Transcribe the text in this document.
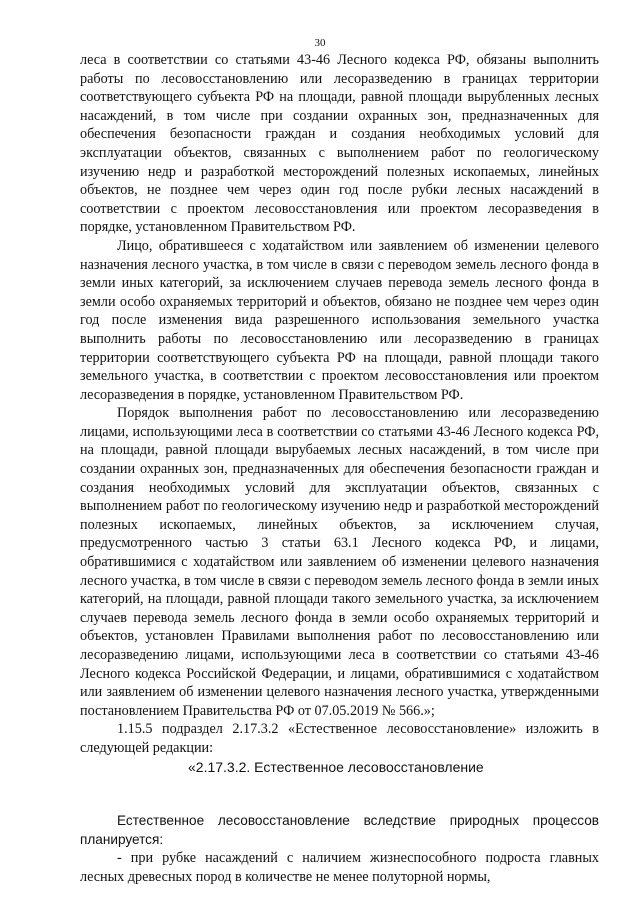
30

леса в соответствии со статьями 43-46 Лесного кодекса РФ, обязаны выполнить работы по лесовосстановлению или лесоразведению в границах территории соответствующего субъекта РФ на площади, равной площади вырубленных лесных насаждений, в том числе при создании охранных зон, предназначенных для обеспечения безопасности граждан и создания необходимых условий для эксплуатации объектов, связанных с выполнением работ по геологическому изучению недр и разработкой месторождений полезных ископаемых, линейных объектов, не позднее чем через один год после рубки лесных насаждений в соответствии с проектом лесовосстановления или проектом лесоразведения в порядке, установленном Правительством РФ.

Лицо, обратившееся с ходатайством или заявлением об изменении целевого назначения лесного участка, в том числе в связи с переводом земель лесного фонда в земли иных категорий, за исключением случаев перевода земель лесного фонда в земли особо охраняемых территорий и объектов, обязано не позднее чем через один год после изменения вида разрешенного использования земельного участка выполнить работы по лесовосстановлению или лесоразведению в границах территории соответствующего субъекта РФ на площади, равной площади такого земельного участка, в соответствии с проектом лесовосстановления или проектом лесоразведения в порядке, установленном Правительством РФ.

Порядок выполнения работ по лесовосстановлению или лесоразведению лицами, использующими леса в соответствии со статьями 43-46 Лесного кодекса РФ, на площади, равной площади вырубаемых лесных насаждений, в том числе при создании охранных зон, предназначенных для обеспечения безопасности граждан и создания необходимых условий для эксплуатации объектов, связанных с выполнением работ по геологическому изучению недр и разработкой месторождений полезных ископаемых, линейных объектов, за исключением случая, предусмотренного частью 3 статьи 63.1 Лесного кодекса РФ, и лицами, обратившимися с ходатайством или заявлением об изменении целевого назначения лесного участка, в том числе в связи с переводом земель лесного фонда в земли иных категорий, на площади, равной площади такого земельного участка, за исключением случаев перевода земель лесного фонда в земли особо охраняемых территорий и объектов, установлен Правилами выполнения работ по лесовосстановлению или лесоразведению лицами, использующими леса в соответствии со статьями 43-46 Лесного кодекса Российской Федерации, и лицами, обратившимися с ходатайством или заявлением об изменении целевого назначения лесного участка, утвержденными постановлением Правительства РФ от 07.05.2019 № 566.»;

1.15.5 подраздел 2.17.3.2 «Естественное лесовосстановление» изложить в следующей редакции:

«2.17.3.2. Естественное лесовосстановление

Естественное лесовосстановление вследствие природных процессов планируется:

- при рубке насаждений с наличием жизнеспособного подроста главных лесных древесных пород в количестве не менее полуторной нормы,
